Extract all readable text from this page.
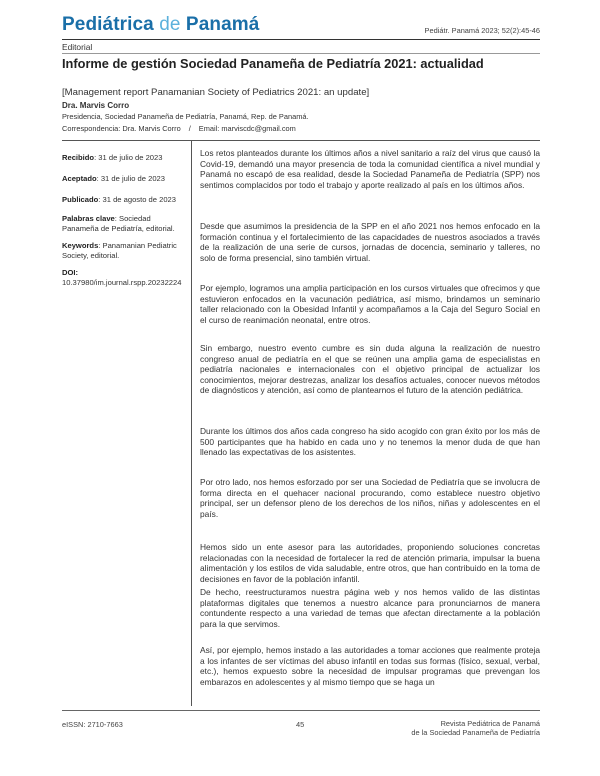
Pediátrica de Panamá	Pediátr. Panamá 2023; 52(2):45-46
Editorial
Informe de gestión Sociedad Panameña de Pediatría 2021: actualidad
[Management report Panamanian Society of Pediatrics 2021: an update]
Dra. Marvis Corro
Presidencia, Sociedad Panameña de Pediatría, Panamá, Rep. de Panamá.
Correspondencia: Dra. Marvis Corro / Email: marviscdc@gmail.com
Recibido: 31 de julio de 2023
Aceptado: 31 de julio de 2023
Publicado: 31 de agosto de 2023
Palabras clave: Sociedad Panameña de Pediatría, editorial.
Keywords: Panamanian Pediatric Society, editorial.
DOI:
10.37980/im.journal.rspp.20232224

Los retos planteados durante los últimos años a nivel sanitario a raíz del virus que causó la Covid-19, demandó una mayor presencia de toda la comunidad científica a nivel mundial y Panamá no escapó de esa realidad, desde la Sociedad Panameña de Pediatría (SPP) nos sentimos complacidos por todo el trabajo y aporte realizado al país en los últimos años.

Desde que asumimos la presidencia de la SPP en el año 2021 nos hemos enfocado en la formación continua y el fortalecimiento de las capacidades de nuestros asociados a través de la realización de una serie de cursos, jornadas de docencia, seminario y talleres, no solo de forma presencial, sino también virtual.

Por ejemplo, logramos una amplia participación en los cursos virtuales que ofrecimos y que estuvieron enfocados en la vacunación pediátrica, así mismo, brindamos un seminario taller relacionado con la Obesidad Infantil y acompañamos a la Caja del Seguro Social en el curso de reanimación neonatal, entre otros.

Sin embargo, nuestro evento cumbre es sin duda alguna la realización de nuestro congreso anual de pediatría en el que se reúnen una amplia gama de especialistas en pediatría nacionales e internacionales con el objetivo principal de actualizar los conocimientos, mejorar destrezas, analizar los desafíos actuales, conocer nuevos métodos de diagnósticos y atención, así como de plantearnos el futuro de la atención pediátrica.

Durante los últimos dos años cada congreso ha sido acogido con gran éxito por los más de 500 participantes que ha habido en cada uno y no tenemos la menor duda de que han llenado las expectativas de los asistentes.

Por otro lado, nos hemos esforzado por ser una Sociedad de Pediatría que se involucra de forma directa en el quehacer nacional procurando, como establece nuestro objetivo principal, ser un defensor pleno de los derechos de los niños, niñas y adolescentes en el país.

Hemos sido un ente asesor para las autoridades, proponiendo soluciones concretas relacionadas con la necesidad de fortalecer la red de atención primaria, impulsar la buena alimentación y los estilos de vida saludable, entre otros, que han contribuido en la toma de decisiones en favor de la población infantil.

De hecho, reestructuramos nuestra página web y nos hemos valido de las distintas plataformas digitales que tenemos a nuestro alcance para pronunciarnos de manera contundente respecto a una variedad de temas que afectan directamente a la población para la que servimos.

Así, por ejemplo, hemos instado a las autoridades a tomar acciones que realmente proteja a los infantes de ser víctimas del abuso infantil en todas sus formas (físico, sexual, verbal, etc.), hemos expuesto sobre la necesidad de impulsar programas que prevengan los embarazos en adolescentes y al mismo tiempo que se haga un

eISSN: 2710-7663	45	Revista Pediátrica de Panamá
de la Sociedad Panameña de Pediatría
